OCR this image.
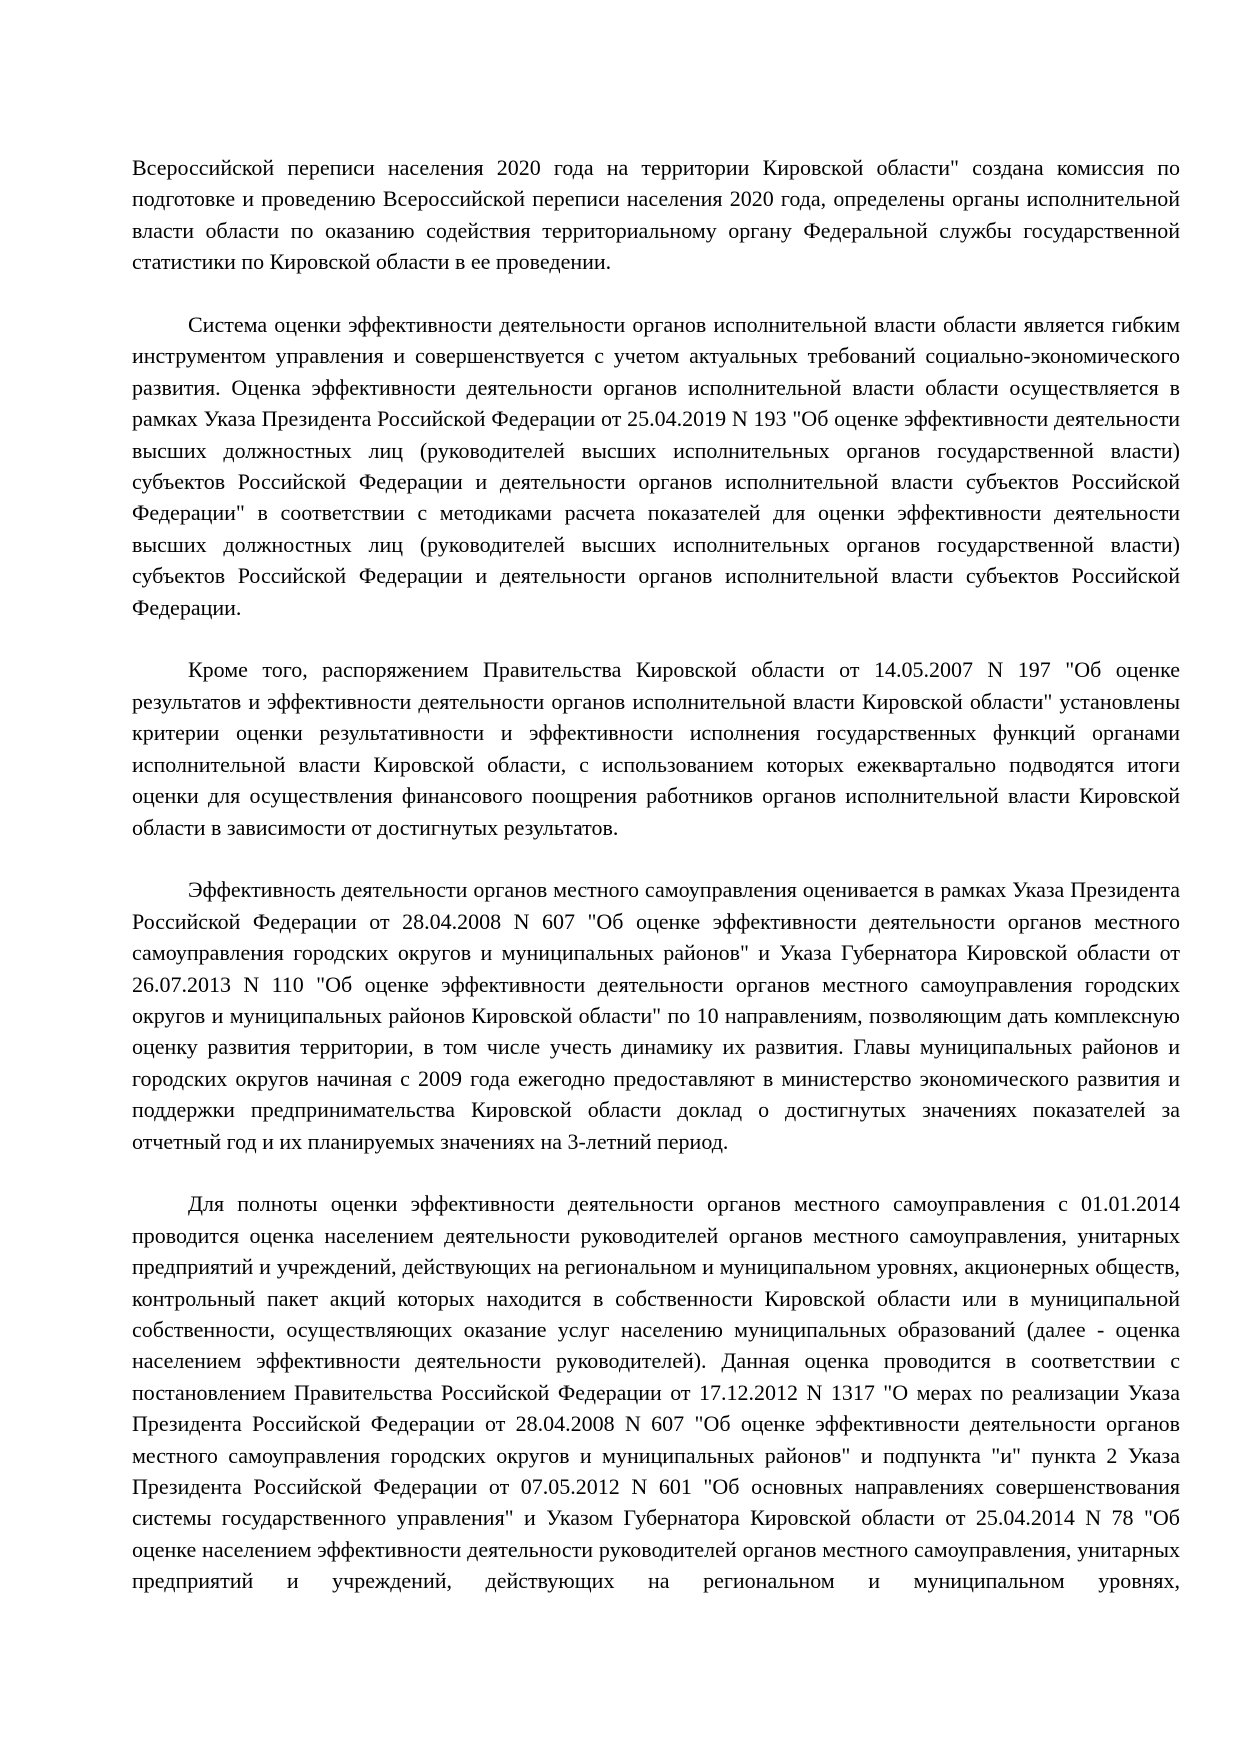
Всероссийской переписи населения 2020 года на территории Кировской области" создана комиссия по подготовке и проведению Всероссийской переписи населения 2020 года, определены органы исполнительной власти области по оказанию содействия территориальному органу Федеральной службы государственной статистики по Кировской области в ее проведении.

Система оценки эффективности деятельности органов исполнительной власти области является гибким инструментом управления и совершенствуется с учетом актуальных требований социально-экономического развития. Оценка эффективности деятельности органов исполнительной власти области осуществляется в рамках Указа Президента Российской Федерации от 25.04.2019 N 193 "Об оценке эффективности деятельности высших должностных лиц (руководителей высших исполнительных органов государственной власти) субъектов Российской Федерации и деятельности органов исполнительной власти субъектов Российской Федерации" в соответствии с методиками расчета показателей для оценки эффективности деятельности высших должностных лиц (руководителей высших исполнительных органов государственной власти) субъектов Российской Федерации и деятельности органов исполнительной власти субъектов Российской Федерации.

Кроме того, распоряжением Правительства Кировской области от 14.05.2007 N 197 "Об оценке результатов и эффективности деятельности органов исполнительной власти Кировской области" установлены критерии оценки результативности и эффективности исполнения государственных функций органами исполнительной власти Кировской области, с использованием которых ежеквартально подводятся итоги оценки для осуществления финансового поощрения работников органов исполнительной власти Кировской области в зависимости от достигнутых результатов.

Эффективность деятельности органов местного самоуправления оценивается в рамках Указа Президента Российской Федерации от 28.04.2008 N 607 "Об оценке эффективности деятельности органов местного самоуправления городских округов и муниципальных районов" и Указа Губернатора Кировской области от 26.07.2013 N 110 "Об оценке эффективности деятельности органов местного самоуправления городских округов и муниципальных районов Кировской области" по 10 направлениям, позволяющим дать комплексную оценку развития территории, в том числе учесть динамику их развития. Главы муниципальных районов и городских округов начиная с 2009 года ежегодно предоставляют в министерство экономического развития и поддержки предпринимательства Кировской области доклад о достигнутых значениях показателей за отчетный год и их планируемых значениях на 3-летний период.

Для полноты оценки эффективности деятельности органов местного самоуправления с 01.01.2014 проводится оценка населением деятельности руководителей органов местного самоуправления, унитарных предприятий и учреждений, действующих на региональном и муниципальном уровнях, акционерных обществ, контрольный пакет акций которых находится в собственности Кировской области или в муниципальной собственности, осуществляющих оказание услуг населению муниципальных образований (далее - оценка населением эффективности деятельности руководителей). Данная оценка проводится в соответствии с постановлением Правительства Российской Федерации от 17.12.2012 N 1317 "О мерах по реализации Указа Президента Российской Федерации от 28.04.2008 N 607 "Об оценке эффективности деятельности органов местного самоуправления городских округов и муниципальных районов" и подпункта "и" пункта 2 Указа Президента Российской Федерации от 07.05.2012 N 601 "Об основных направлениях совершенствования системы государственного управления" и Указом Губернатора Кировской области от 25.04.2014 N 78 "Об оценке населением эффективности деятельности руководителей органов местного самоуправления, унитарных предприятий и учреждений, действующих на региональном и муниципальном уровнях,
